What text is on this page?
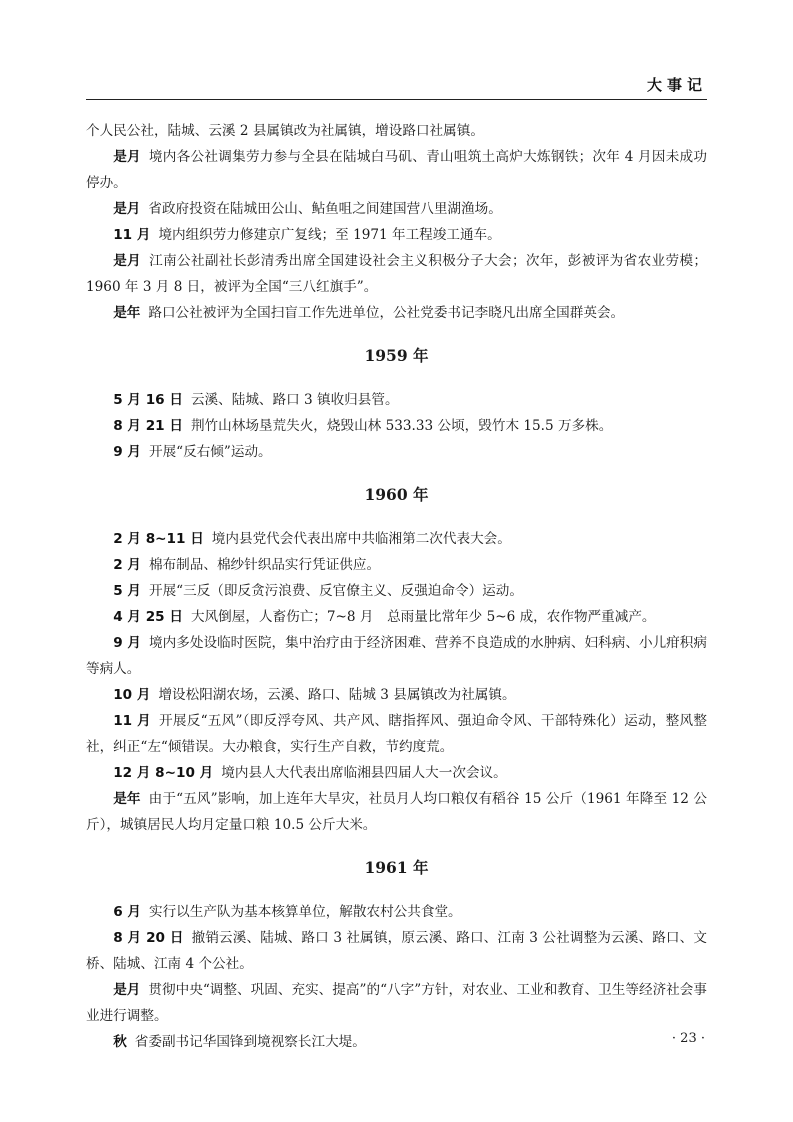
大事记

个人民公社，陆城、云溪 2 县属镇改为社属镇，增设路口社属镇。

是月 境内各公社调集劳力参与全县在陆城白马矶、青山咀筑土高炉大炼钢铁；次年 4 月因未成功停办。

是月 省政府投资在陆城田公山、鲇鱼咀之间建国营八里湖渔场。

11 月 境内组织劳力修建京广复线；至 1971 年工程竣工通车。

是月 江南公社副社长彭清秀出席全国建设社会主义积极分子大会；次年，彭被评为省农业劳模；1960 年 3 月 8 日，被评为全国“三八红旗手”。

是年 路口公社被评为全国扫盲工作先进单位，公社党委书记李晓凡出席全国群英会。

1959 年

5 月 16 日 云溪、陆城、路口 3 镇收归县管。

8 月 21 日 荆竹山林场垦荒失火，烧毁山林 533.33 公顷，毁竹木 15.5 万多株。

9 月 开展“反右倾”运动。

1960 年

2 月 8~11 日 境内县党代会代表出席中共临湘第二次代表大会。

2 月 棉布制品、棉纱针织品实行凭证供应。

5 月 开展“三反（即反贪污浪费、反官僚主义、反强迫命令）运动。

4 月 25 日 大风倒屋，人畜伤亡；7~8 月　总雨量比常年少 5~6 成，农作物严重减产。

9 月 境内多处设临时医院，集中治疗由于经济困难、营养不良造成的水肿病、妇科病、小儿疳积病等病人。

10 月 增设松阳湖农场，云溪、路口、陆城 3 县属镇改为社属镇。

11 月 开展反“五风”（即反浮夸风、共产风、瞎指挥风、强迫命令风、干部特殊化）运动，整风整社，纠正“左“倾错误。大办粮食，实行生产自救，节约度荒。

12 月 8~10 月 境内县人大代表出席临湘县四届人大一次会议。

是年 由于“五风”影响，加上连年大旱灾，社员月人均口粮仅有稻谷 15 公斤（1961 年降至 12 公斤），城镇居民人均月定量口粮 10.5 公斤大米。

1961 年

6 月 实行以生产队为基本核算单位，解散农村公共食堂。

8 月 20 日 撤销云溪、陆城、路口 3 社属镇，原云溪、路口、江南 3 公社调整为云溪、路口、文桥、陆城、江南 4 个公社。

是月 贯彻中央“调整、巩固、充实、提高”的“八字”方针，对农业、工业和教育、卫生等经济社会事业进行调整。

秋 省委副书记华国锋到境视察长江大堤。	· 23 ·
